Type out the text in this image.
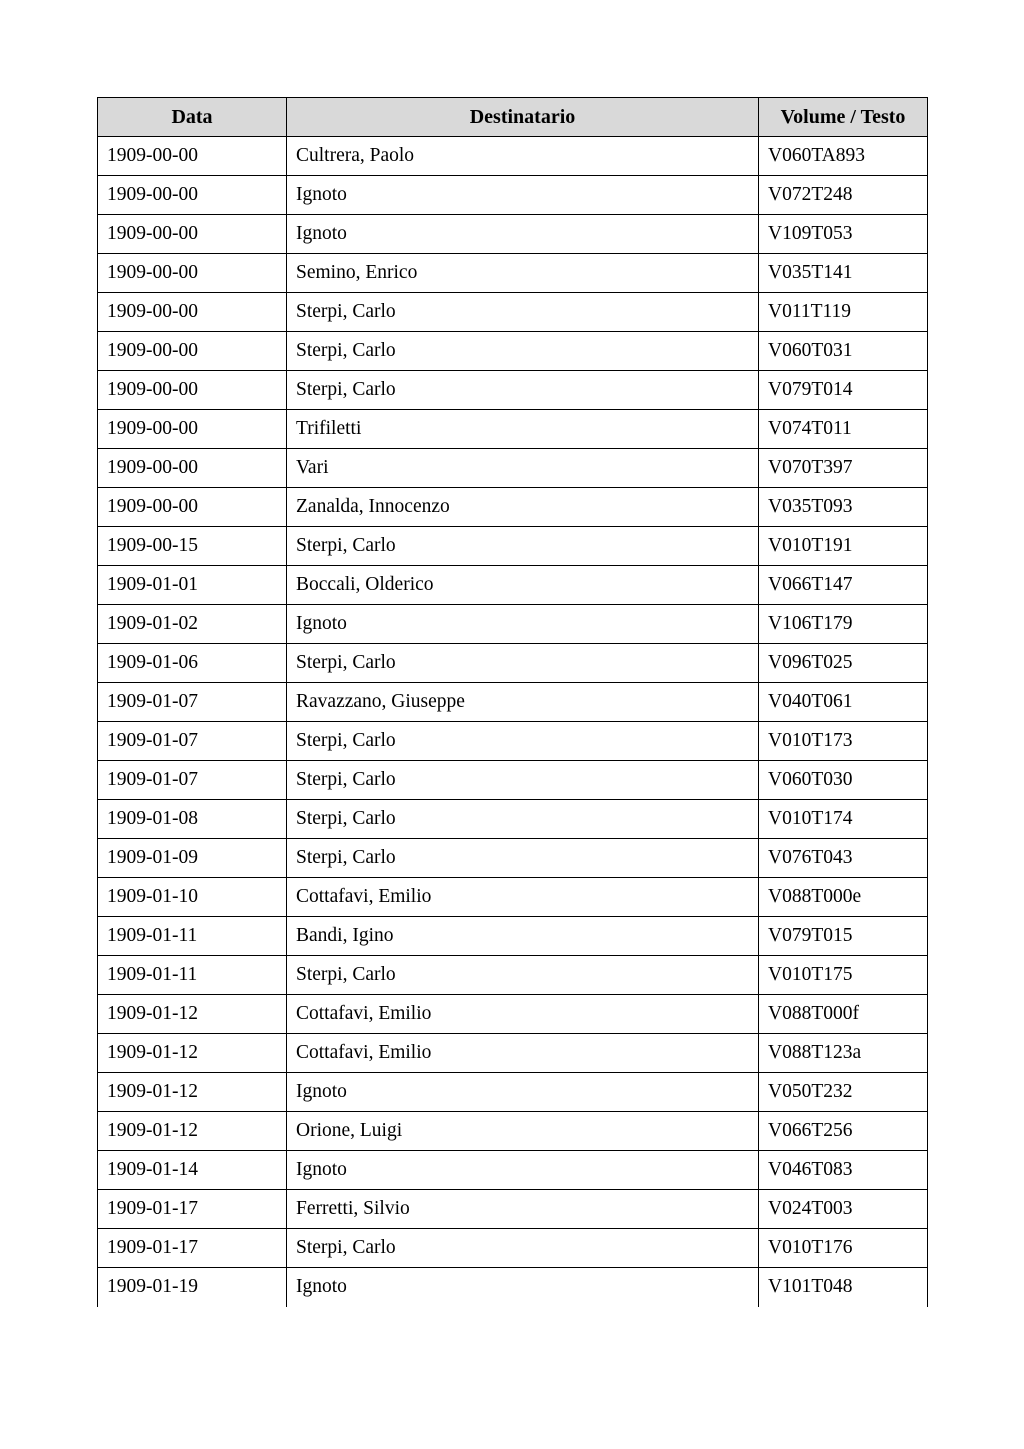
Data	Destinatario	Volume / Testo
1909-00-00	Cultrera, Paolo	V060TA893
1909-00-00	Ignoto	V072T248
1909-00-00	Ignoto	V109T053
1909-00-00	Semino, Enrico	V035T141
1909-00-00	Sterpi, Carlo	V011T119
1909-00-00	Sterpi, Carlo	V060T031
1909-00-00	Sterpi, Carlo	V079T014
1909-00-00	Trifiletti	V074T011
1909-00-00	Vari	V070T397
1909-00-00	Zanalda, Innocenzo	V035T093
1909-00-15	Sterpi, Carlo	V010T191
1909-01-01	Boccali, Olderico	V066T147
1909-01-02	Ignoto	V106T179
1909-01-06	Sterpi, Carlo	V096T025
1909-01-07	Ravazzano, Giuseppe	V040T061
1909-01-07	Sterpi, Carlo	V010T173
1909-01-07	Sterpi, Carlo	V060T030
1909-01-08	Sterpi, Carlo	V010T174
1909-01-09	Sterpi, Carlo	V076T043
1909-01-10	Cottafavi, Emilio	V088T000e
1909-01-11	Bandi, Igino	V079T015
1909-01-11	Sterpi, Carlo	V010T175
1909-01-12	Cottafavi, Emilio	V088T000f
1909-01-12	Cottafavi, Emilio	V088T123a
1909-01-12	Ignoto	V050T232
1909-01-12	Orione, Luigi	V066T256
1909-01-14	Ignoto	V046T083
1909-01-17	Ferretti, Silvio	V024T003
1909-01-17	Sterpi, Carlo	V010T176
1909-01-19	Ignoto	V101T048
